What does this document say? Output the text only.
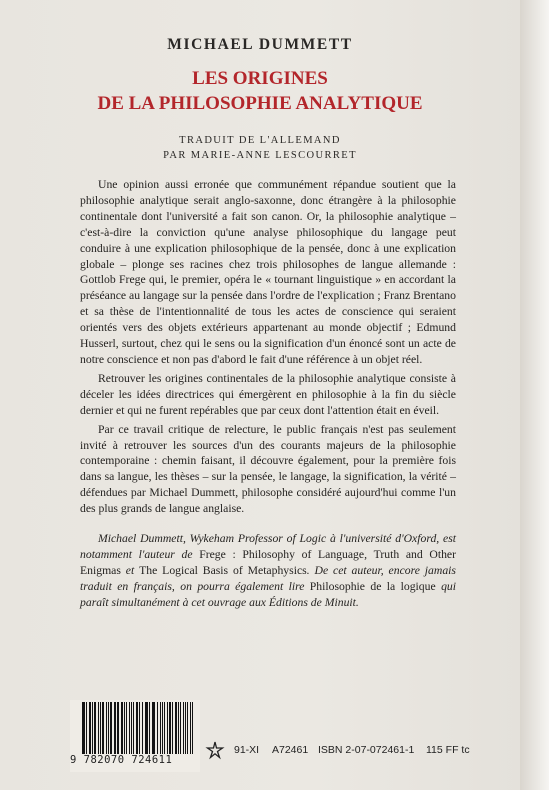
MICHAEL DUMMETT
LES ORIGINES
DE LA PHILOSOPHIE ANALYTIQUE
TRADUIT DE L'ALLEMAND
PAR MARIE-ANNE LESCOURRET

Une opinion aussi erronée que communément répandue soutient que la philosophie analytique serait anglo-saxonne, donc étrangère à la philosophie continentale dont l'université a fait son canon. Or, la philosophie analytique – c'est-à-dire la conviction qu'une analyse philosophique du langage peut conduire à une explication philosophique de la pensée, donc à une explication globale – plonge ses racines chez trois philosophes de langue allemande : Gottlob Frege qui, le premier, opéra le « tournant linguistique » en accordant la préséance au langage sur la pensée dans l'ordre de l'explication ; Franz Brentano et sa thèse de l'intentionnalité de tous les actes de conscience qui seraient orientés vers des objets extérieurs appartenant au monde objectif ; Edmund Husserl, surtout, chez qui le sens ou la signification d'un énoncé sont un acte de notre conscience et non pas d'abord le fait d'une référence à un objet réel.

Retrouver les origines continentales de la philosophie analytique consiste à déceler les idées directrices qui émergèrent en philosophie à la fin du siècle dernier et qui ne furent repérables que par ceux dont l'attention était en éveil.

Par ce travail critique de relecture, le public français n'est pas seulement invité à retrouver les sources d'un des courants majeurs de la philosophie contemporaine : chemin faisant, il découvre également, pour la première fois dans sa langue, les thèses – sur la pensée, le langage, la signification, la vérité – défendues par Michael Dummett, philosophe considéré aujourd'hui comme l'un des plus grands de langue anglaise.

Michael Dummett, Wykeham Professor of Logic à l'université d'Oxford, est notamment l'auteur de Frege : Philosophy of Language, Truth and Other Enigmas et The Logical Basis of Metaphysics. De cet auteur, encore jamais traduit en français, on pourra également lire Philosophie de la logique qui paraît simultanément à cet ouvrage aux Éditions de Minuit.

9 782070 724611
91-XI A72461 ISBN 2-07-072461-1 115 FF tc
